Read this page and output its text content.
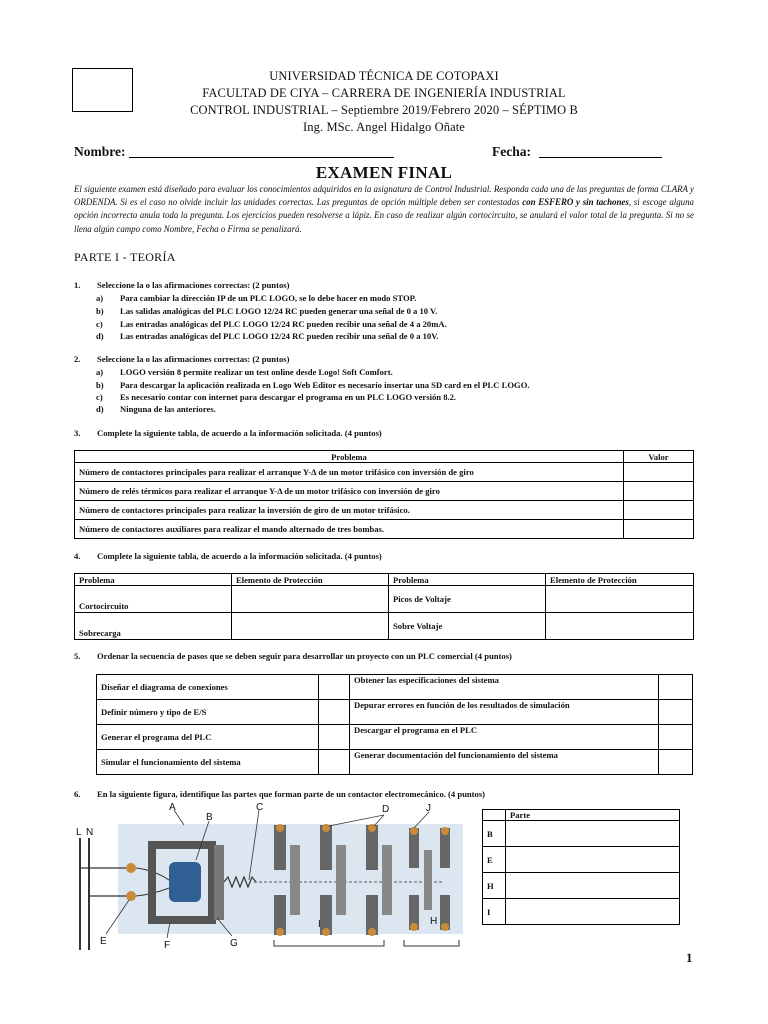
UNIVERSIDAD TÉCNICA DE COTOPAXI
FACULTAD DE CIYA – CARRERA DE INGENIERÍA INDUSTRIAL
CONTROL INDUSTRIAL – Septiembre 2019/Febrero 2020 – SÉPTIMO B
Ing. MSc. Angel Hidalgo Oñate
Nombre:	Fecha:
EXAMEN FINAL
El siguiente examen está diseñado para evaluar los conocimientos adquiridos en la asignatura de Control Industrial. Responda cada una de las preguntas de forma CLARA y ORDENDA. Si es el caso no olvide incluir las unidades correctas. Las preguntas de opción múltiple deben ser contestadas con ESFERO y sin tachones, si escoge alguna opción incorrecta anula toda la pregunta. Los ejercicios pueden resolverse a lápiz. En caso de realizar algún cortocircuito, se anulará el valor total de la pregunta. Si no se llena algún campo como Nombre, Fecha o Firma se penalizará.
PARTE I - TEORÍA
1. Seleccione la o las afirmaciones correctas: (2 puntos)
a) Para cambiar la dirección IP de un PLC LOGO, se lo debe hacer en modo STOP.
b) Las salidas analógicas del PLC LOGO 12/24 RC pueden generar una señal de 0 a 10 V.
c) Las entradas analógicas del PLC LOGO 12/24 RC pueden recibir una señal de 4 a 20mA.
d) Las entradas analógicas del PLC LOGO 12/24 RC pueden recibir una señal de 0 a 10V.
2. Seleccione la o las afirmaciones correctas: (2 puntos)
a) LOGO versión 8 permite realizar un test online desde Logo! Soft Comfort.
b) Para descargar la aplicación realizada en Logo Web Editor es necesario insertar una SD card en el PLC LOGO.
c) Es necesario contar con internet para descargar el programa en un PLC LOGO versión 8.2.
d) Ninguna de las anteriores.
3. Complete la siguiente tabla, de acuerdo a la información solicitada. (4 puntos)
Problema	Valor
Número de contactores principales para realizar el arranque Y-Δ de un motor trifásico con inversión de giro	
Número de relés térmicos para realizar el arranque Y-Δ de un motor trifásico con inversión de giro	
Número de contactores principales para realizar la inversión de giro de un motor trifásico.	
Número de contactores auxiliares para realizar el mando alternado de tres bombas.	
4. Complete la siguiente tabla, de acuerdo a la información solicitada. (4 puntos)
Problema	Elemento de Protección	Problema	Elemento de Protección
Cortocircuito		Picos de Voltaje	
Sobrecarga		Sobre Voltaje	
5. Ordenar la secuencia de pasos que se deben seguir para desarrollar un proyecto con un PLC comercial (4 puntos)
Diseñar el diagrama de conexiones		Obtener las especificaciones del sistema	
Definir número y tipo de E/S		Depurar errores en función de los resultados de simulación	
Generar el programa del PLC		Descargar el programa en el PLC	
Simular el funcionamiento del sistema		Generar documentación del funcionamiento del sistema	
6. En la siguiente figura, identifique las partes que forman parte de un contactor electromecánico. (4 puntos)
A
B
C	D
E	F	G
H
I
J
L N
	Parte
B	
E	
H	
I	
1
